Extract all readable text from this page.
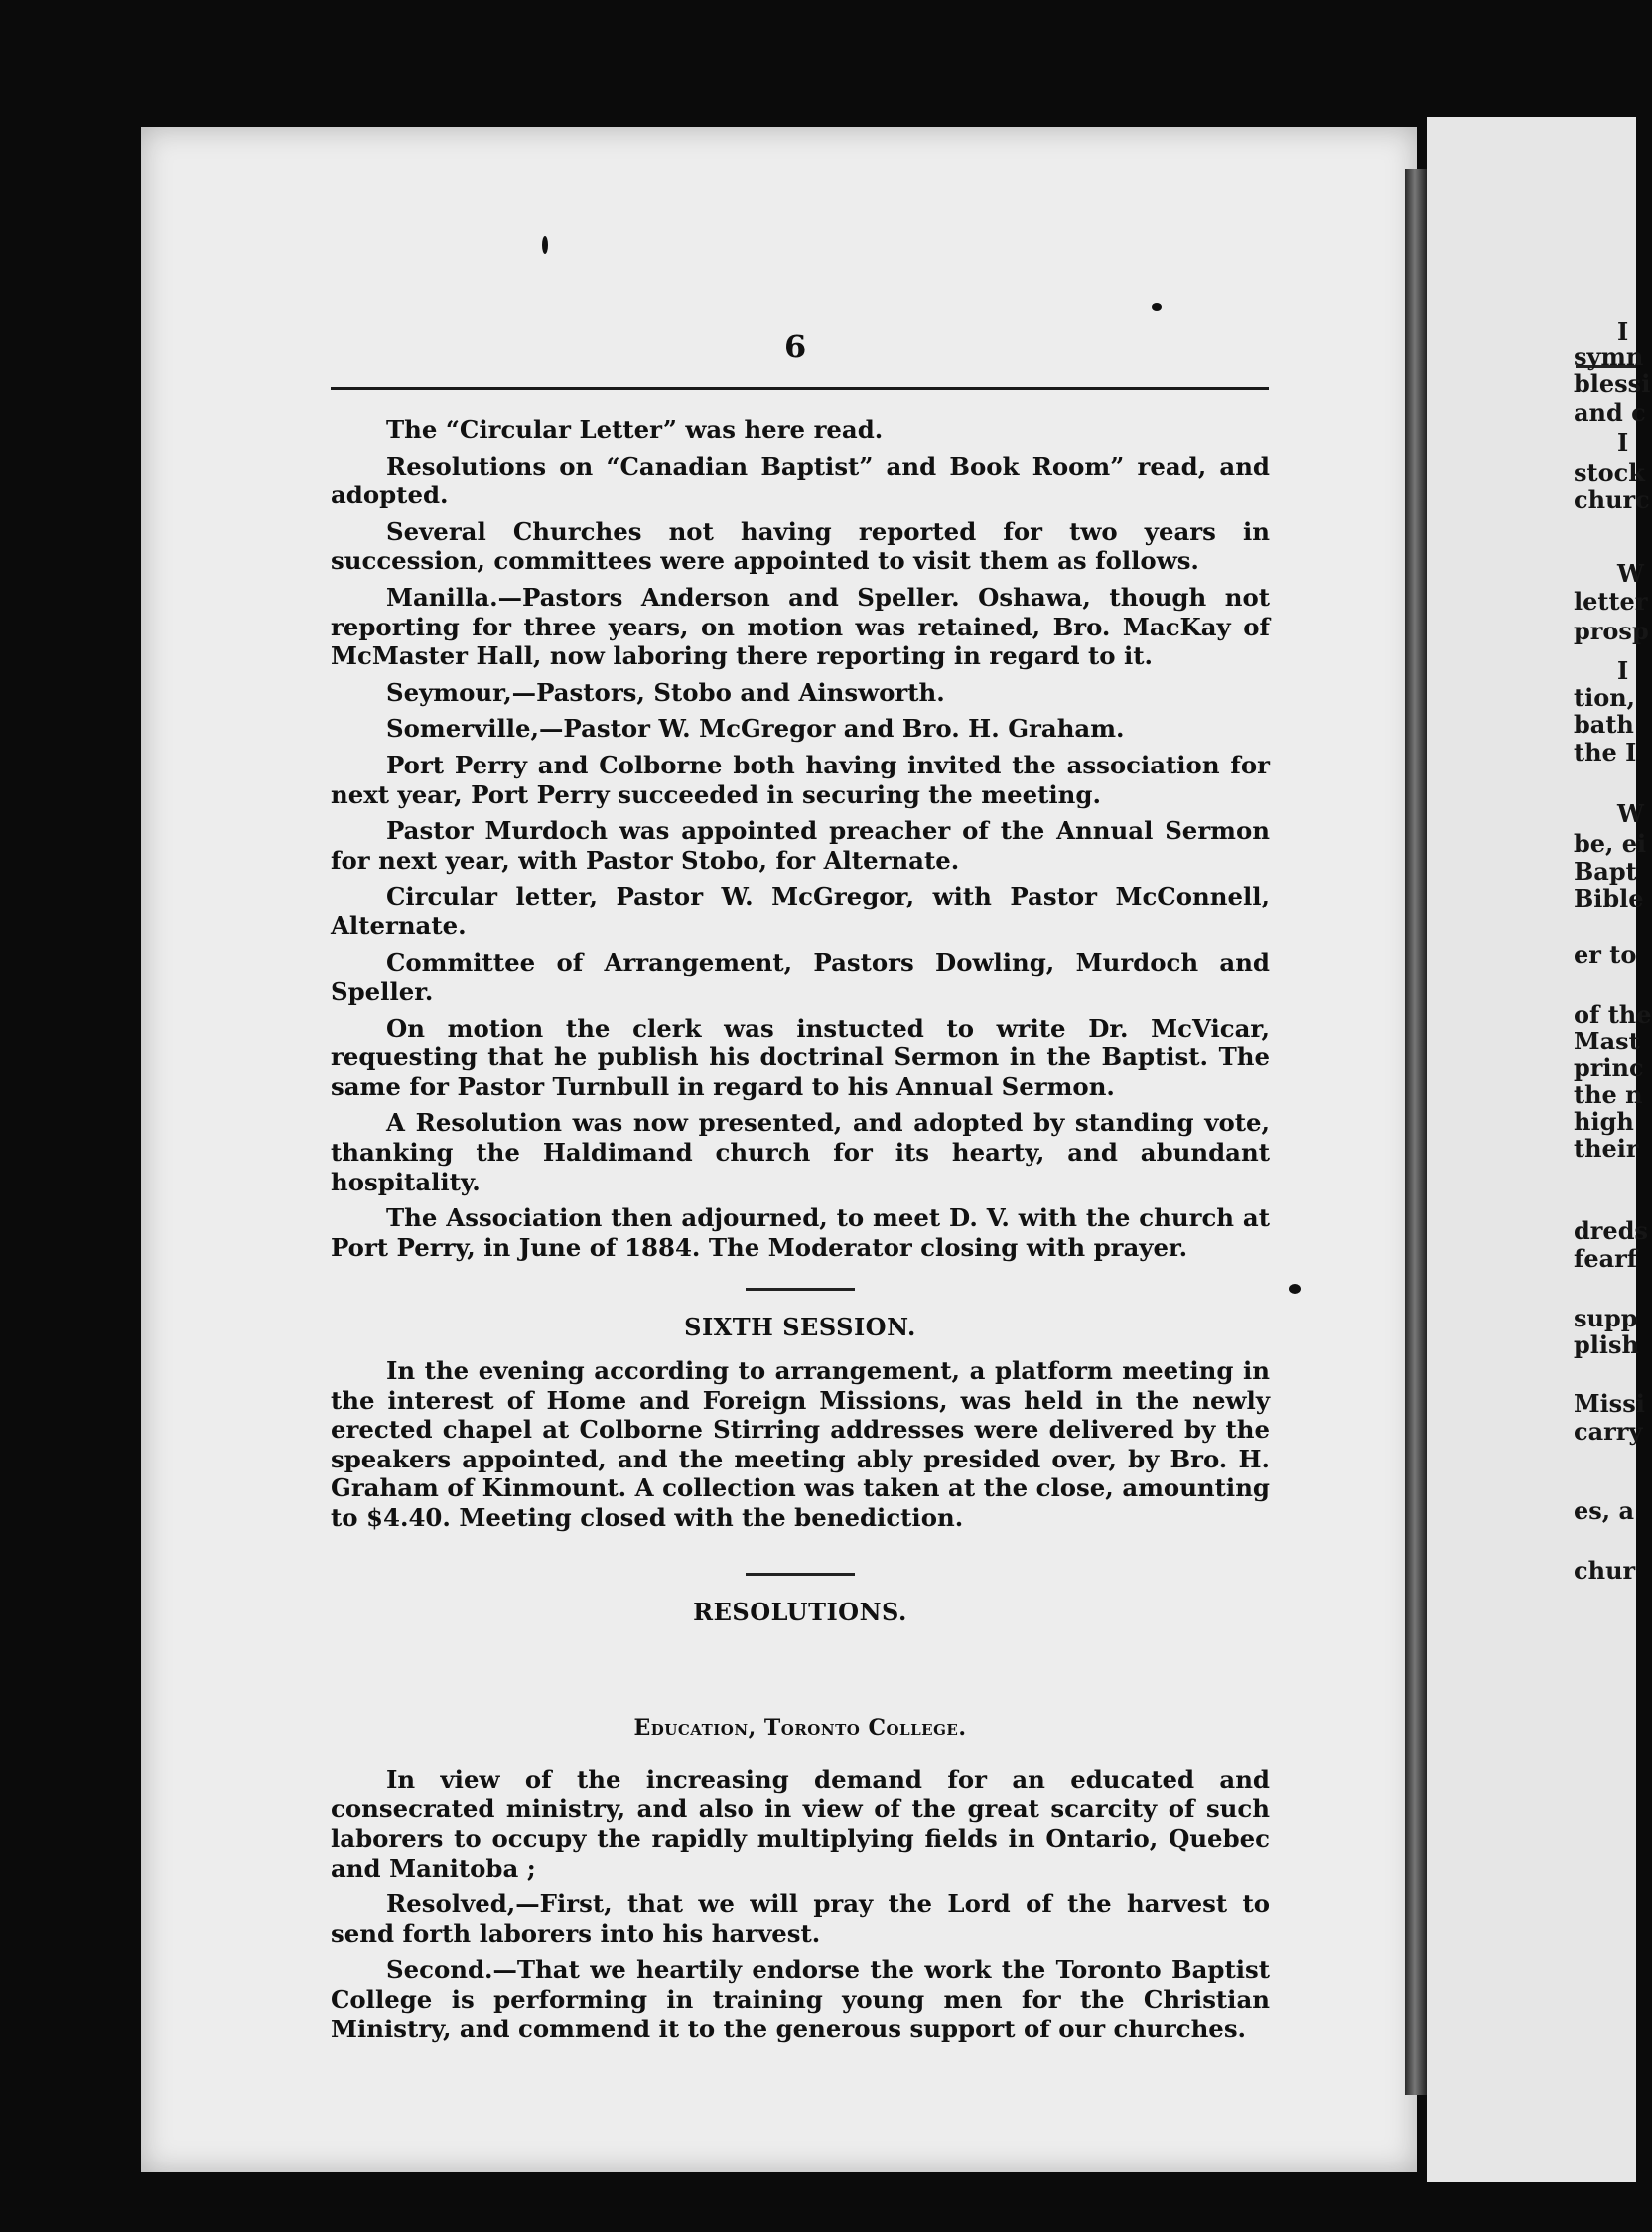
I
symn
blessi
and c
I
stock
churc
W
letter
prosp
I
tion,
bath
the I
W
be, ei
Bapt
Bible
er to
of the
Mast
princ
the n
high
their
dreds
fearf
supp
plish
Missi
carry
es, a
chur
6

The “Circular Letter” was here read.

Resolutions on “Canadian Baptist” and Book Room” read, and adopted.

Several Churches not having reported for two years in succession, committees were appointed to visit them as follows.

Manilla.—Pastors Anderson and Speller. Oshawa, though not reporting for three years, on motion was retained, Bro. MacKay of McMaster Hall, now laboring there reporting in regard to it.

Seymour,—Pastors, Stobo and Ainsworth.

Somerville,—Pastor W. McGregor and Bro. H. Graham.

Port Perry and Colborne both having invited the association for next year, Port Perry succeeded in securing the meeting.

Pastor Murdoch was appointed preacher of the Annual Sermon for next year, with Pastor Stobo, for Alternate.

Circular letter, Pastor W. McGregor, with Pastor McConnell, Alternate.

Committee of Arrangement, Pastors Dowling, Murdoch and Speller.

On motion the clerk was instucted to write Dr. McVicar, requesting that he publish his doctrinal Sermon in the Baptist. The same for Pastor Turnbull in regard to his Annual Sermon.

A Resolution was now presented, and adopted by standing vote, thanking the Haldimand church for its hearty, and abundant hospitality.

The Association then adjourned, to meet D. V. with the church at Port Perry, in June of 1884. The Moderator closing with prayer.

SIXTH SESSION.

In the evening according to arrangement, a platform meeting in the interest of Home and Foreign Missions, was held in the newly erected chapel at Colborne Stirring addresses were delivered by the speakers appointed, and the meeting ably presided over, by Bro. H. Graham of Kinmount. A collection was taken at the close, amounting to $4.40. Meeting closed with the benediction.

RESOLUTIONS.
Education, Toronto College.

In view of the increasing demand for an educated and consecrated ministry, and also in view of the great scarcity of such laborers to occupy the rapidly multiplying fields in Ontario, Quebec and Manitoba ;

Resolved,—First, that we will pray the Lord of the harvest to send forth laborers into his harvest.

Second.—That we heartily endorse the work the Toronto Baptist College is performing in training young men for the Christian Ministry, and commend it to the generous support of our churches.
